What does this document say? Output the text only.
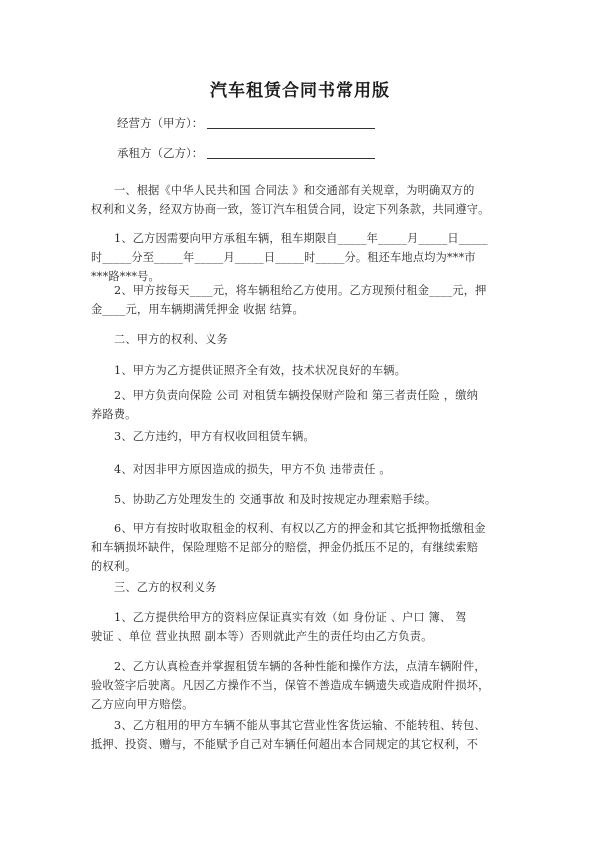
汽车租赁合同书常用版
经营方（甲方）：
承租方（乙方）：
一、根据《中华人民共和国 合同法 》和交通部有关规章，为明确双方的
权利和义务，经双方协商一致，签订汽车租赁合同，设定下列条款，共同遵守。
1、乙方因需要向甲方承租车辆，租车期限自_____年_____月_____日_____
时_____分至_____年_____月_____日_____时_____分。租还车地点均为***市
***路***号。
2、甲方按每天____元，将车辆租给乙方使用。乙方现预付租金____元，押
金____元，用车辆期满凭押金 收据 结算。
二、甲方的权利、义务
1、甲方为乙方提供证照齐全有效，技术状况良好的车辆。
2、甲方负责向保险 公司 对租赁车辆投保财产险和 第三者责任险 ，缴纳
养路费。
3、乙方违约，甲方有权收回租赁车辆。
4、对因非甲方原因造成的损失，甲方不负 违带责任 。
5、协助乙方处理发生的 交通事故 和及时按规定办理索赔手续。
6、甲方有按时收取租金的权利、有权以乙方的押金和其它抵押物抵缴租金
和车辆损坏缺件，保险理赔不足部分的赔偿，押金仍抵压不足的，有继续索赔
的权利。
三、乙方的权利义务
1、乙方提供给甲方的资料应保证真实有效（如 身份证 、户口 簿、 驾
驶证 、单位 营业执照 副本等）否则就此产生的责任均由乙方负责。
2、乙方认真检查并掌握租赁车辆的各种性能和操作方法，点清车辆附件，
验收签字后驶离。凡因乙方操作不当，保管不善造成车辆遗失或造成附件损坏，
乙方应向甲方赔偿。
3、乙方租用的甲方车辆不能从事其它营业性客货运输、不能转租、转包、
抵押、投资、赠与，不能赋予自己对车辆任何超出本合同规定的其它权利，不
